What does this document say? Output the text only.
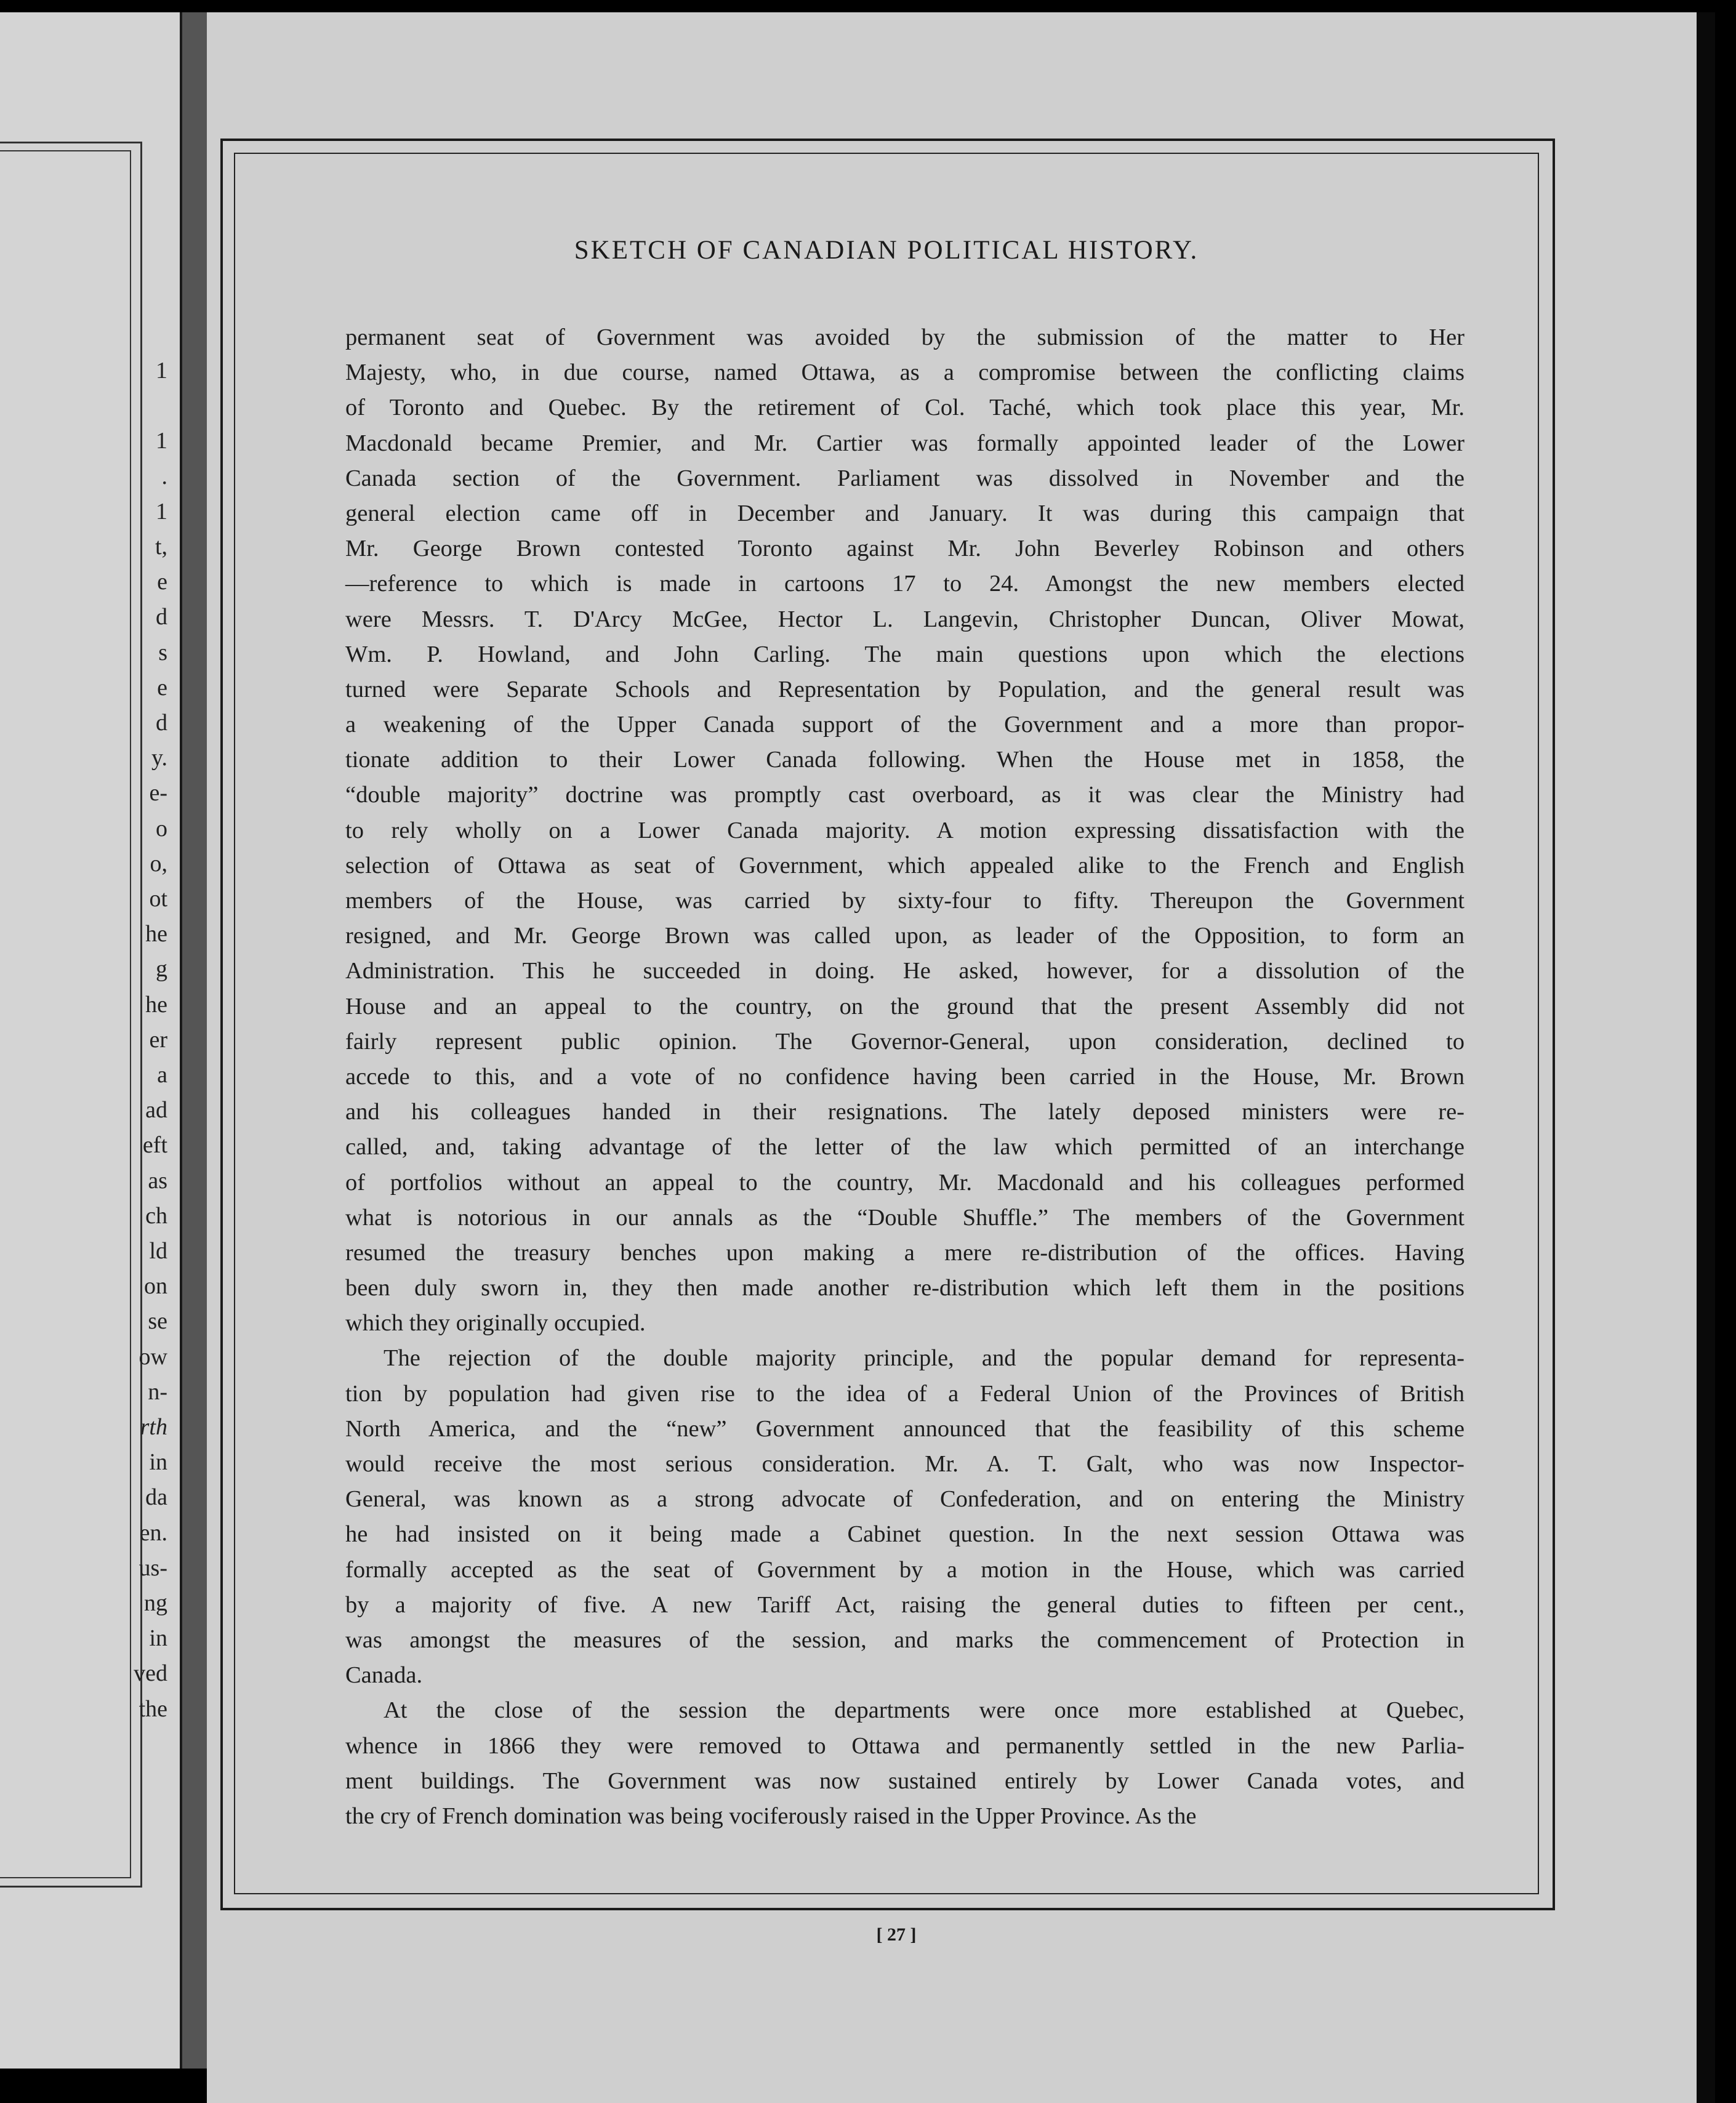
1
1
.
1
t,
e
d
s
e
d
y.
e-
o
o,
ot
he
g
he
er
a
ad
eft
as
ch
ld
on
se
ow
n-
rth
in
da
en.
us-
ng
in
ved
the
SKETCH OF CANADIAN POLITICAL HISTORY.
permanent seat of Government was avoided by the submission of the matter to Her
Majesty, who, in due course, named Ottawa, as a compromise between the conflicting claims
of Toronto and Quebec. By the retirement of Col. Taché, which took place this year, Mr.
Macdonald became Premier, and Mr. Cartier was formally appointed leader of the Lower
Canada section of the Government. Parliament was dissolved in November and the
general election came off in December and January. It was during this campaign that
Mr. George Brown contested Toronto against Mr. John Beverley Robinson and others
—reference to which is made in cartoons 17 to 24. Amongst the new members elected
were Messrs. T. D'Arcy McGee, Hector L. Langevin, Christopher Duncan, Oliver Mowat,
Wm. P. Howland, and John Carling. The main questions upon which the elections
turned were Separate Schools and Representation by Population, and the general result was
a weakening of the Upper Canada support of the Government and a more than propor-
tionate addition to their Lower Canada following. When the House met in 1858, the
“double majority” doctrine was promptly cast overboard, as it was clear the Ministry had
to rely wholly on a Lower Canada majority. A motion expressing dissatisfaction with the
selection of Ottawa as seat of Government, which appealed alike to the French and English
members of the House, was carried by sixty-four to fifty. Thereupon the Government
resigned, and Mr. George Brown was called upon, as leader of the Opposition, to form an
Administration. This he succeeded in doing. He asked, however, for a dissolution of the
House and an appeal to the country, on the ground that the present Assembly did not
fairly represent public opinion. The Governor-General, upon consideration, declined to
accede to this, and a vote of no confidence having been carried in the House, Mr. Brown
and his colleagues handed in their resignations. The lately deposed ministers were re-
called, and, taking advantage of the letter of the law which permitted of an interchange
of portfolios without an appeal to the country, Mr. Macdonald and his colleagues performed
what is notorious in our annals as the “Double Shuffle.” The members of the Government
resumed the treasury benches upon making a mere re-distribution of the offices. Having
been duly sworn in, they then made another re-distribution which left them in the positions
which they originally occupied.
The rejection of the double majority principle, and the popular demand for representa-
tion by population had given rise to the idea of a Federal Union of the Provinces of British
North America, and the “new” Government announced that the feasibility of this scheme
would receive the most serious consideration. Mr. A. T. Galt, who was now Inspector-
General, was known as a strong advocate of Confederation, and on entering the Ministry
he had insisted on it being made a Cabinet question. In the next session Ottawa was
formally accepted as the seat of Government by a motion in the House, which was carried
by a majority of five. A new Tariff Act, raising the general duties to fifteen per cent.,
was amongst the measures of the session, and marks the commencement of Protection in
Canada.
At the close of the session the departments were once more established at Quebec,
whence in 1866 they were removed to Ottawa and permanently settled in the new Parlia-
ment buildings. The Government was now sustained entirely by Lower Canada votes, and
the cry of French domination was being vociferously raised in the Upper Province. As the
[ 27 ]
